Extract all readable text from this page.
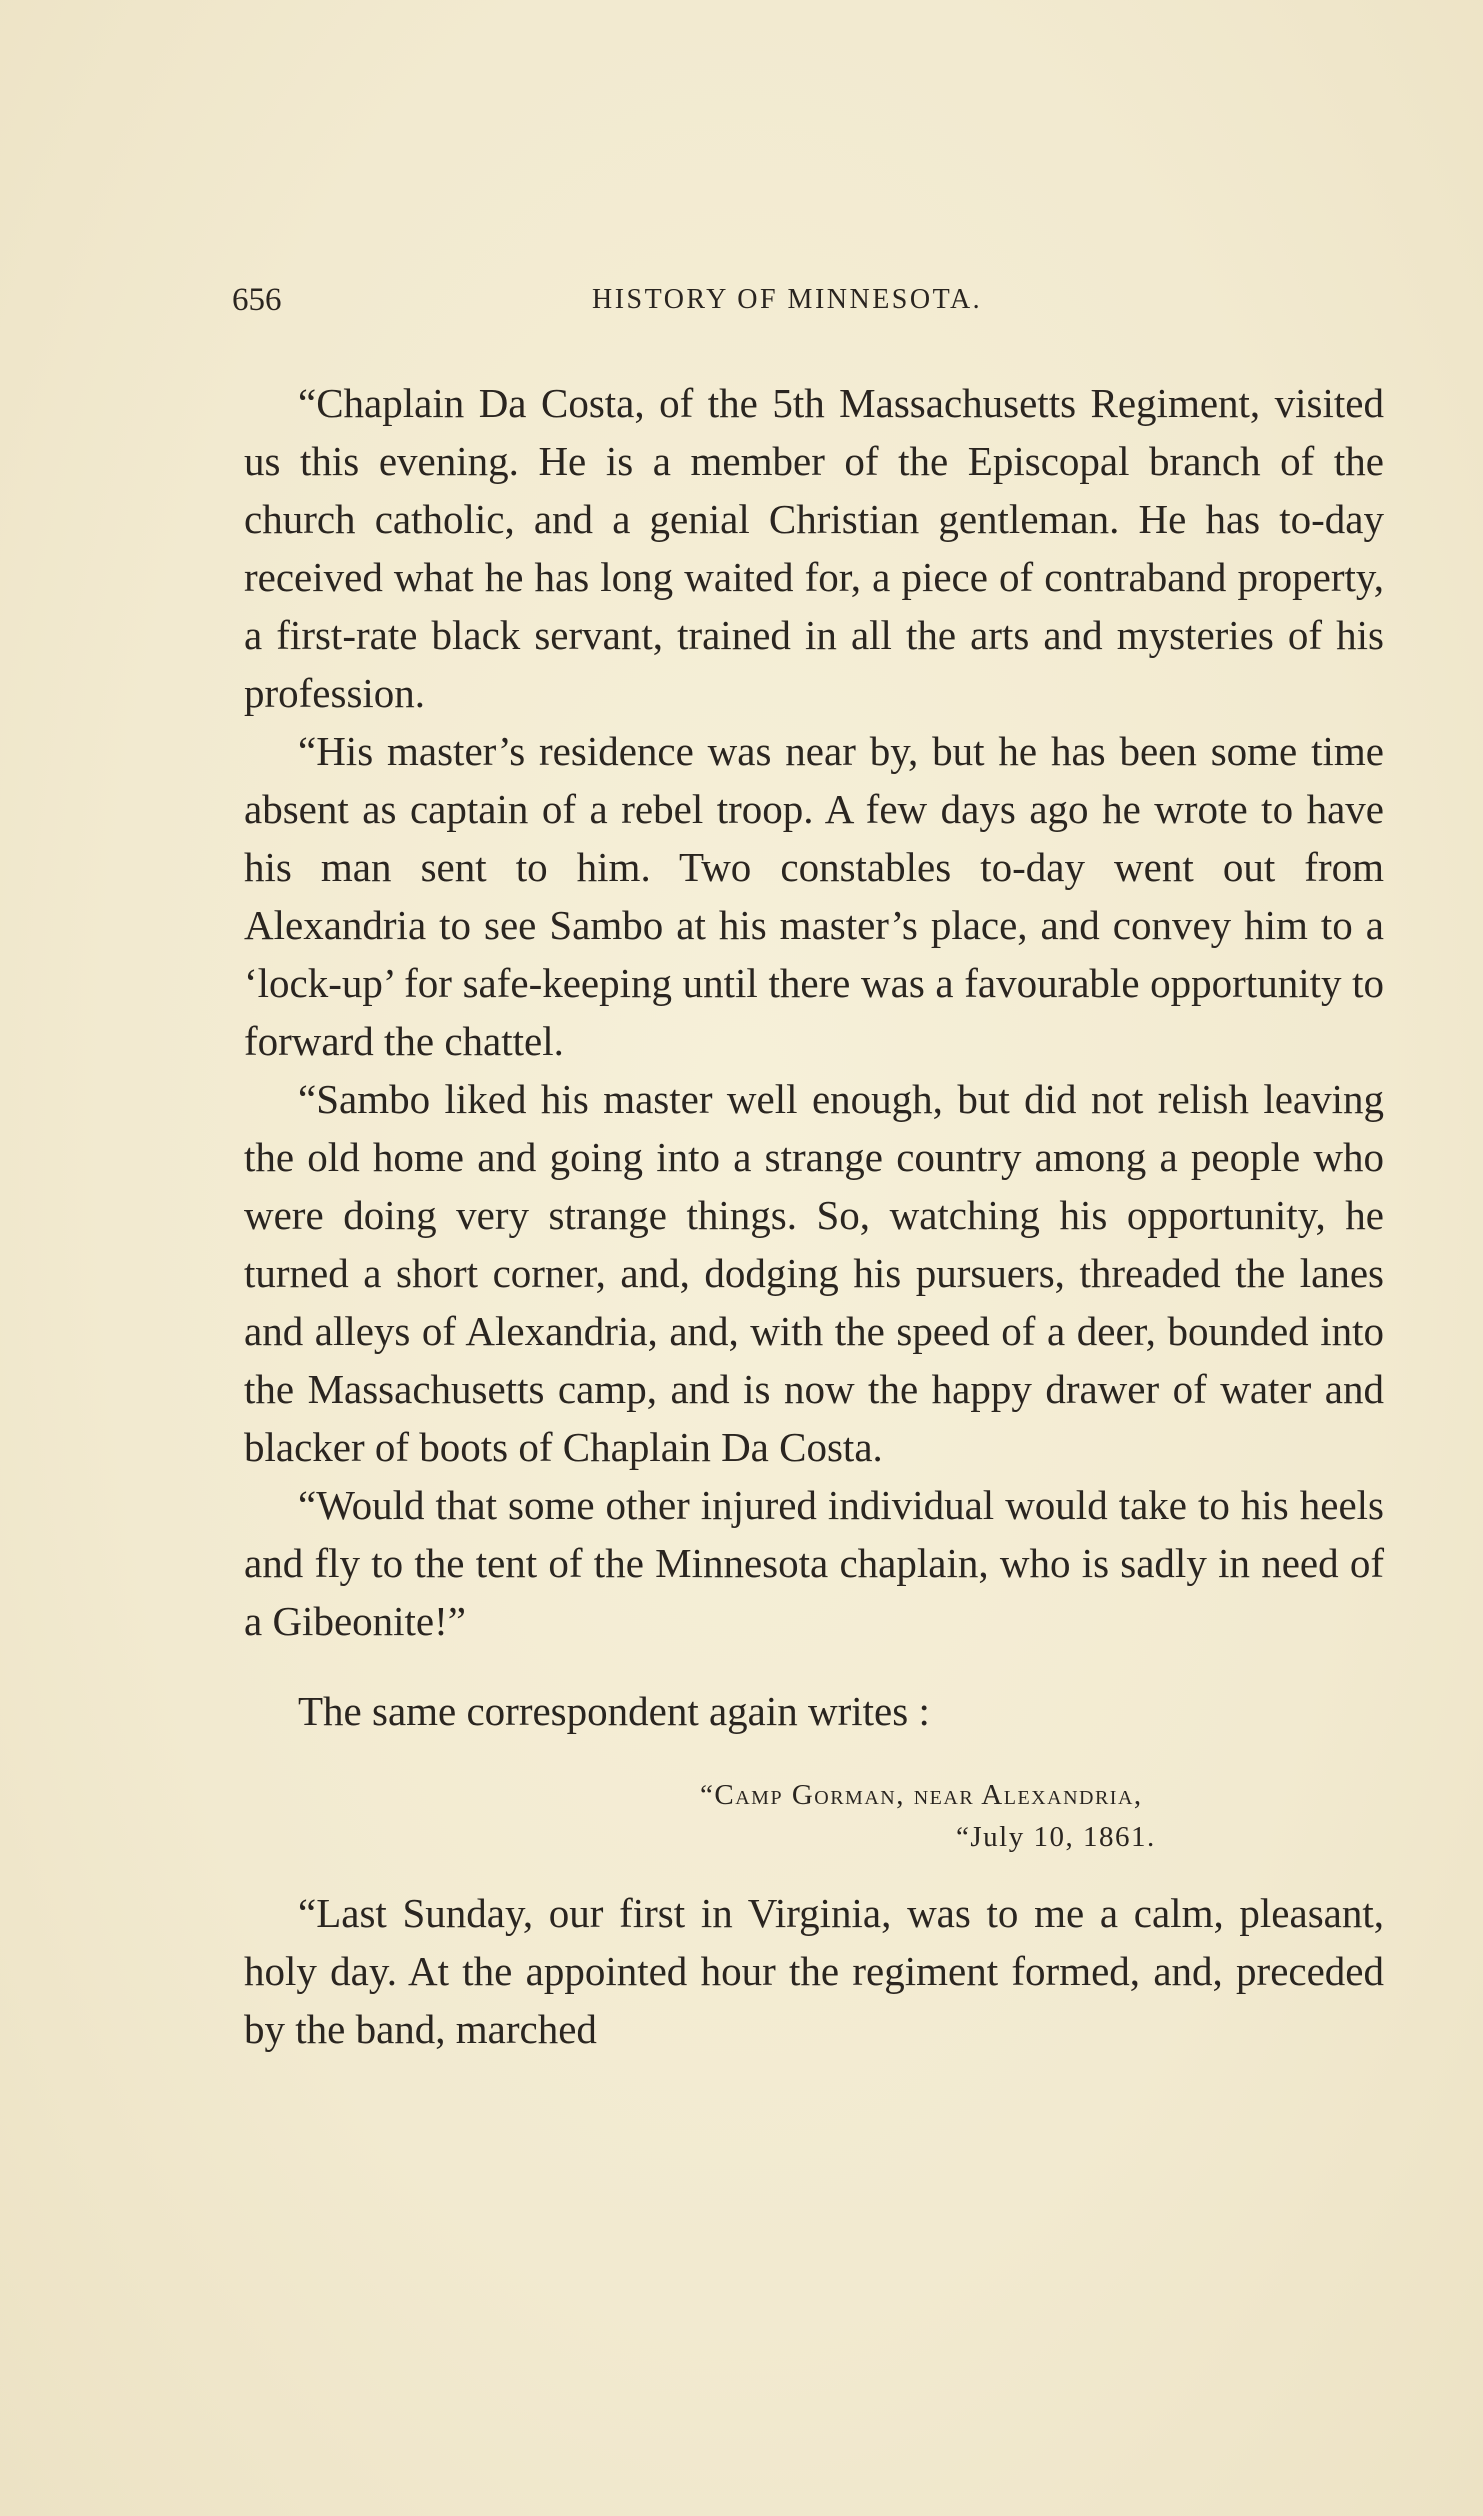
656	HISTORY OF MINNESOTA.

“Chaplain Da Costa, of the 5th Massachusetts Regiment, visited us this evening. He is a member of the Episcopal branch of the church catholic, and a genial Christian gentleman. He has to-day received what he has long waited for, a piece of contraband property, a first-rate black servant, trained in all the arts and mysteries of his profession.

“His master’s residence was near by, but he has been some time absent as captain of a rebel troop. A few days ago he wrote to have his man sent to him. Two constables to-day went out from Alexandria to see Sambo at his master’s place, and convey him to a ‘lock-up’ for safe-keeping until there was a favourable opportunity to forward the chattel.

“Sambo liked his master well enough, but did not relish leaving the old home and going into a strange country among a people who were doing very strange things. So, watching his opportunity, he turned a short corner, and, dodging his pursuers, threaded the lanes and alleys of Alexandria, and, with the speed of a deer, bounded into the Massachusetts camp, and is now the happy drawer of water and blacker of boots of Chaplain Da Costa.

“Would that some other injured individual would take to his heels and fly to the tent of the Minnesota chaplain, who is sadly in need of a Gibeonite!”

The same correspondent again writes :

“Camp Gorman, near Alexandria,
“July 10, 1861.

“Last Sunday, our first in Virginia, was to me a calm, pleasant, holy day. At the appointed hour the regiment formed, and, preceded by the band, marched
